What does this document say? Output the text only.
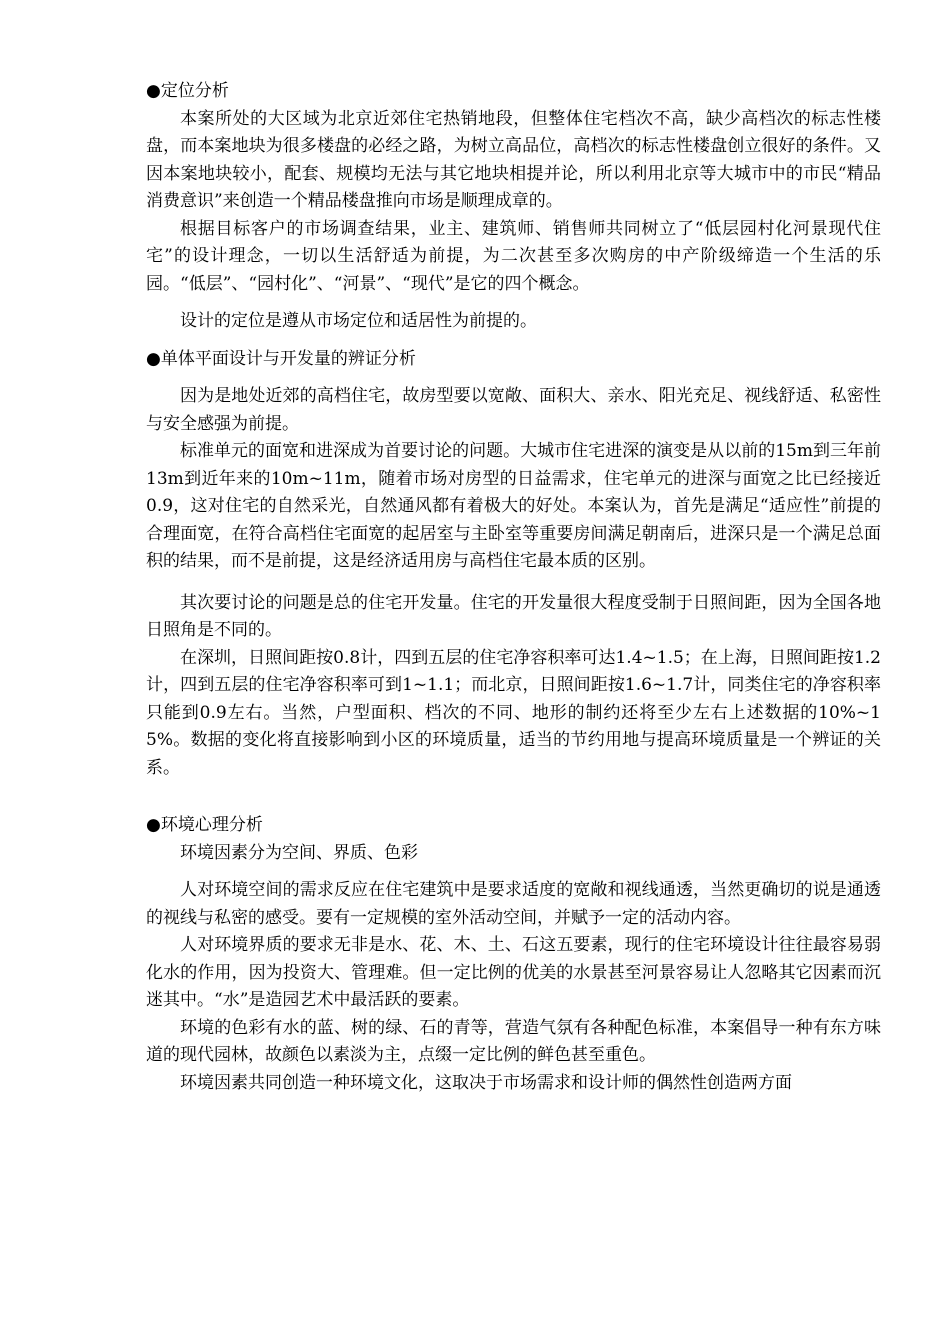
●定位分析

本案所处的大区域为北京近郊住宅热销地段，但整体住宅档次不高，缺少高档次的标志性楼盘，而本案地块为很多楼盘的必经之路，为树立高品位，高档次的标志性楼盘创立很好的条件。又因本案地块较小，配套、规模均无法与其它地块相提并论，所以利用北京等大城市中的市民“精品消费意识”来创造一个精品楼盘推向市场是顺理成章的。

根据目标客户的市场调查结果，业主、建筑师、销售师共同树立了“低层园村化河景现代住宅”的设计理念，一切以生活舒适为前提，为二次甚至多次购房的中产阶级缔造一个生活的乐园。“低层”、“园村化”、“河景”、“现代”是它的四个概念。

设计的定位是遵从市场定位和适居性为前提的。

●单体平面设计与开发量的辨证分析

因为是地处近郊的高档住宅，故房型要以宽敞、面积大、亲水、阳光充足、视线舒适、私密性与安全感强为前提。

标准单元的面宽和进深成为首要讨论的问题。大城市住宅进深的演变是从以前的15m到三年前13m到近年来的10m~11m，随着市场对房型的日益需求，住宅单元的进深与面宽之比已经接近0.9，这对住宅的自然采光，自然通风都有着极大的好处。本案认为，首先是满足“适应性”前提的合理面宽，在符合高档住宅面宽的起居室与主卧室等重要房间满足朝南后，进深只是一个满足总面积的结果，而不是前提，这是经济适用房与高档住宅最本质的区别。

其次要讨论的问题是总的住宅开发量。住宅的开发量很大程度受制于日照间距，因为全国各地日照角是不同的。

在深圳，日照间距按0.8计，四到五层的住宅净容积率可达1.4~1.5；在上海，日照间距按1.2计，四到五层的住宅净容积率可到1~1.1；而北京，日照间距按1.6~1.7计，同类住宅的净容积率只能到0.9左右。当然，户型面积、档次的不同、地形的制约还将至少左右上述数据的10%~15%。数据的变化将直接影响到小区的环境质量，适当的节约用地与提高环境质量是一个辨证的关系。

●环境心理分析

环境因素分为空间、界质、色彩

人对环境空间的需求反应在住宅建筑中是要求适度的宽敞和视线通透，当然更确切的说是通透的视线与私密的感受。要有一定规模的室外活动空间，并赋予一定的活动内容。

人对环境界质的要求无非是水、花、木、土、石这五要素，现行的住宅环境设计往往最容易弱化水的作用，因为投资大、管理难。但一定比例的优美的水景甚至河景容易让人忽略其它因素而沉迷其中。“水”是造园艺术中最活跃的要素。

环境的色彩有水的蓝、树的绿、石的青等，营造气氛有各种配色标准，本案倡导一种有东方味道的现代园林，故颜色以素淡为主，点缀一定比例的鲜色甚至重色。

环境因素共同创造一种环境文化，这取决于市场需求和设计师的偶然性创造两方面
